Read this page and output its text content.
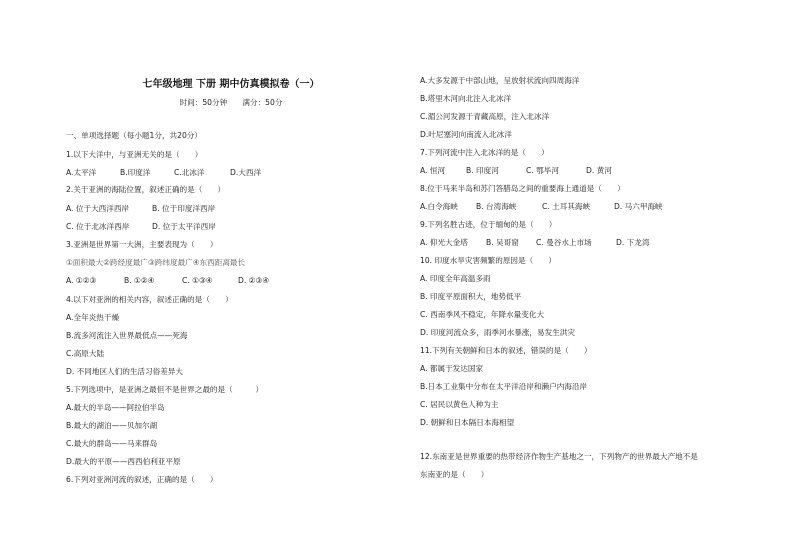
七年级地理 下册 期中仿真模拟卷（一）
时间：50分钟　　满分：50分
一、单项选择题（每小题1分，共20分）
1.以下大洋中，与亚洲无关的是（　　）
A.太平洋	B.印度洋	C.北冰洋	D.大西洋
2.关于亚洲的海陆位置，叙述正确的是（　　）
A. 位于大西洋西岸	B. 位于印度洋西岸
C. 位于北冰洋西岸	D. 位于太平洋西岸
3.亚洲是世界第一大洲，主要表现为（　　）
①面积最大②跨经度最广③跨纬度最广④东西距离最长
A. ①②③	B. ①②④	C. ①③④	D. ②③④
4.以下对亚洲的相关内容，叙述正确的是（　　）
A.全年炎热干燥
B.流多河流注入世界最低点——死海
C.高原大陆
D. 不同地区人们的生活习俗差异大
5.下列选项中，是亚洲之最但不是世界之最的是（　　　）
A.最大的半岛——阿拉伯半岛
B.最大的湖泊——贝加尔湖
C.最大的群岛——马来群岛
D.最大的平原——西西伯利亚平原
6.下列对亚洲河流的叙述，正确的是（　　）
A.大多发源于中部山地，呈放射状流向四周海洋
B.塔里木河向北注入北冰洋
C.湄公河发源于青藏高原，注入北冰洋
D.叶尼塞河向南流入北冰洋
7.下列河流中注入北冰洋的是（　　）
A. 恒河	B. 印度河	C. 鄂毕河	D. 黄河
8.位于马来半岛和苏门答腊岛之间的重要海上通道是（　　）
A.白令海峡 B. 台湾海峡	C. 土耳其海峡	D. 马六甲海峡
9.下列名胜古迹，位于缅甸的是（　　）
A. 仰光大金塔 B. 吴哥窟 C. 曼谷水上市场	D. 下龙湾
10. 印度水旱灾害频繁的原因是（　　）
A. 印度全年高温多雨
B. 印度平原面积大，地势低平
C. 西南季风不稳定，年降水量变化大
D. 印度河流众多，雨季河水暴涨，易发生洪灾
11.下列有关朝鲜和日本的叙述，错误的是（　　）
A. 都属于发达国家
B.日本工业集中分布在太平洋沿岸和濑户内海沿岸
C. 居民以黄色人种为主
D. 朝鲜和日本隔日本海相望
12.东南亚是世界重要的热带经济作物生产基地之一，下列物产的世界最大产地不是
东南亚的是（　　）
